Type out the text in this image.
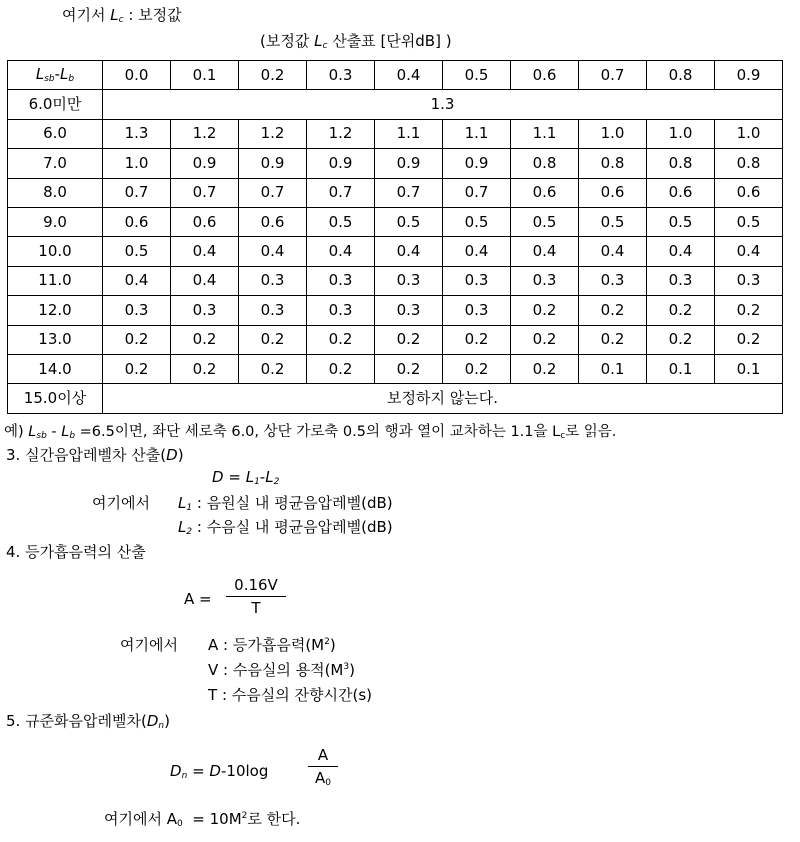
여기서 $L_c$ : 보정값
(보정값 $L_c$ 산출표 [단위dB] )
$L_{sb}-L_b$	0.0	0.1	0.2	0.3	0.4	0.5	0.6	0.7	0.8	0.9
6.0미만	1.3									
6.0	1.3	1.2	1.2	1.2	1.1	1.1	1.1	1.0	1.0	1.0
7.0	1.0	0.9	0.9	0.9	0.9	0.9	0.8	0.8	0.8	0.8
8.0	0.7	0.7	0.7	0.7	0.7	0.7	0.6	0.6	0.6	0.6
9.0	0.6	0.6	0.6	0.5	0.5	0.5	0.5	0.5	0.5	0.5
10.0	0.5	0.4	0.4	0.4	0.4	0.4	0.4	0.4	0.4	0.4
11.0	0.4	0.4	0.3	0.3	0.3	0.3	0.3	0.3	0.3	0.3
12.0	0.3	0.3	0.3	0.3	0.3	0.3	0.2	0.2	0.2	0.2
13.0	0.2	0.2	0.2	0.2	0.2	0.2	0.2	0.2	0.2	0.2
14.0	0.2	0.2	0.2	0.2	0.2	0.2	0.2	0.1	0.1	0.1
15.0이상	보정하지 않는다.									
예) $L_{sb} - L_b =6.5$이면, 좌단 세로축 6.0, 상단 가로축 0.5의 행과 열이 교차하는 1.1을 $L_c$로 읽음.
3. 실간음압레벨차 산출(D)
$D = L_1-L_2$
여기에서 $L_1$ : 음원실 내 평균음압레벨(dB)
$L_2$ : 수음실 내 평균음압레벨(dB)
4. 등가흡음력의 산출
A =
0.16V
T
여기에서 A : 등가흡음력$(M^2)$
V : 수음실의 용적$(M^3)$
T : 수음실의 잔향시간(s)
5. 규준화음압레벨차$(D_n)$
$D_n = D-10\log$
A
$A_0$
여기에서 $A_0 = 10M^2$로 한다.
